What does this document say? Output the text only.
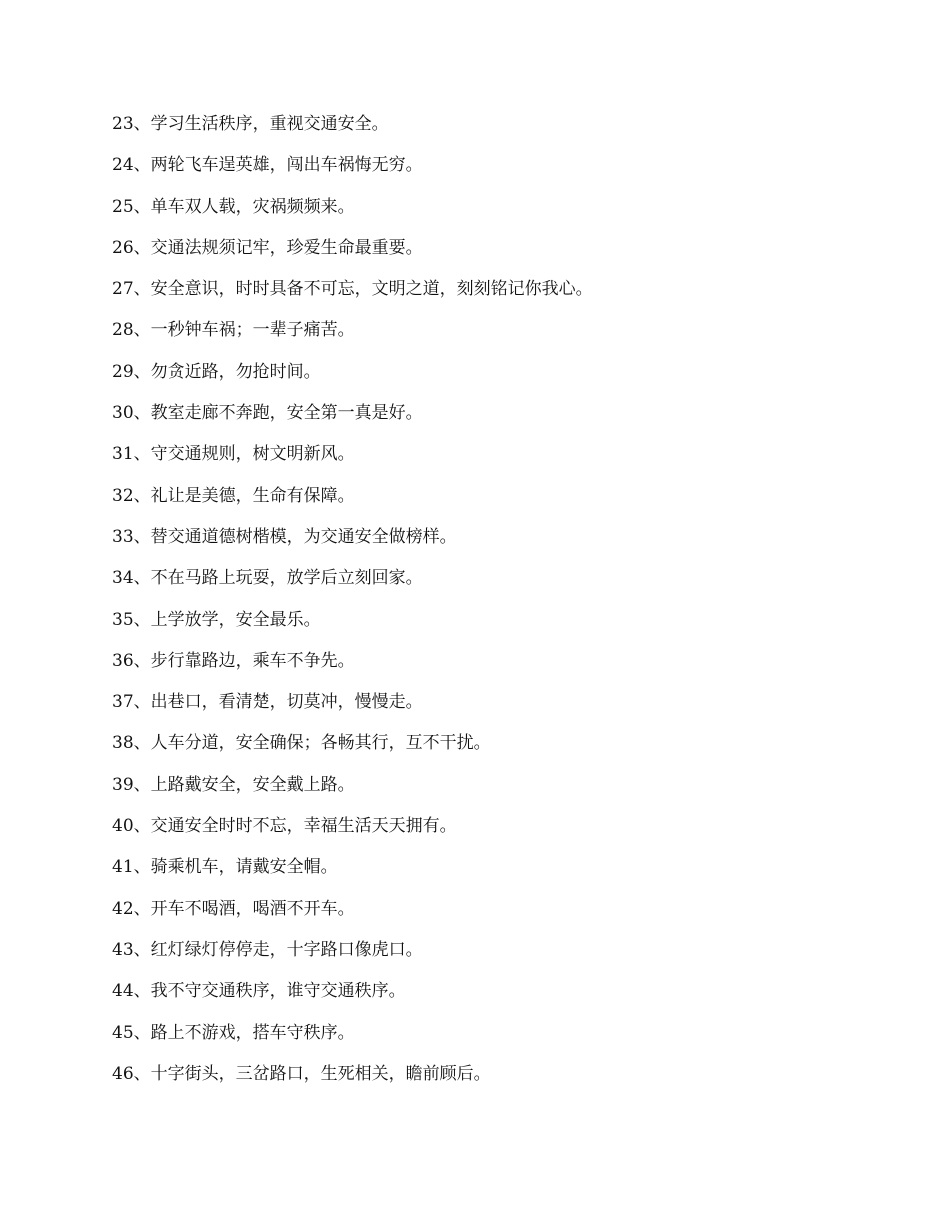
23、学习生活秩序，重视交通安全。
24、两轮飞车逞英雄，闯出车祸悔无穷。
25、单车双人载，灾祸频频来。
26、交通法规须记牢，珍爱生命最重要。
27、安全意识，时时具备不可忘，文明之道，刻刻铭记你我心。
28、一秒钟车祸；一辈子痛苦。
29、勿贪近路，勿抢时间。
30、教室走廊不奔跑，安全第一真是好。
31、守交通规则，树文明新风。
32、礼让是美德，生命有保障。
33、替交通道德树楷模，为交通安全做榜样。
34、不在马路上玩耍，放学后立刻回家。
35、上学放学，安全最乐。
36、步行靠路边，乘车不争先。
37、出巷口，看清楚，切莫冲，慢慢走。
38、人车分道，安全确保；各畅其行，互不干扰。
39、上路戴安全，安全戴上路。
40、交通安全时时不忘，幸福生活天天拥有。
41、骑乘机车，请戴安全帽。
42、开车不喝酒，喝酒不开车。
43、红灯绿灯停停走，十字路口像虎口。
44、我不守交通秩序，谁守交通秩序。
45、路上不游戏，搭车守秩序。
46、十字街头，三岔路口，生死相关，瞻前顾后。
